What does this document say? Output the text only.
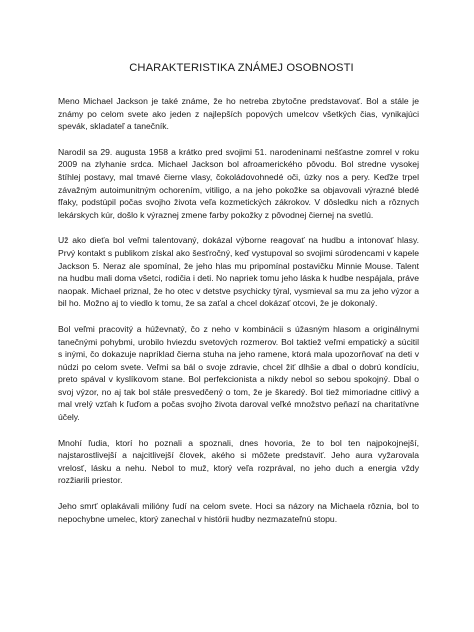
CHARAKTERISTIKA ZNÁMEJ OSOBNOSTI

Meno Michael Jackson je také známe, že ho netreba zbytočne predstavovať. Bol a stále je známy po celom svete ako jeden z najlepších popových umelcov všetkých čias, vynikajúci spevák, skladateľ a tanečník.

Narodil sa 29. augusta 1958 a krátko pred svojimi 51. narodeninami nešťastne zomrel v roku 2009 na zlyhanie srdca. Michael Jackson bol afroamerického pôvodu. Bol stredne vysokej štíhlej postavy, mal tmavé čierne vlasy, čokoládovohnedé oči, úzky nos a pery. Keďže trpel závažným autoimunitným ochorením, vitiligo, a na jeho pokožke sa objavovali výrazné bledé fľaky, podstúpil počas svojho života veľa kozmetických zákrokov. V dôsledku nich a rôznych lekárskych kúr, došlo k výraznej zmene farby pokožky z pôvodnej čiernej na svetlú.

Už ako dieťa bol veľmi talentovaný, dokázal výborne reagovať na hudbu a intonovať hlasy. Prvý kontakt s publikom získal ako šesťročný, keď vystupoval so svojimi súrodencami v kapele Jackson 5. Neraz ale spomínal, že jeho hlas mu pripomínal postavičku Minnie Mouse. Talent na hudbu mali doma všetci, rodičia i deti. No napriek tomu jeho láska k hudbe nespájala, práve naopak. Michael priznal, že ho otec v detstve psychicky týral, vysmieval sa mu za jeho výzor a bil ho. Možno aj to viedlo k tomu, že sa zaťal a chcel dokázať otcovi, že je dokonalý.

Bol veľmi pracovitý a húževnatý, čo z neho v kombinácii s úžasným hlasom a originálnymi tanečnými pohybmi, urobilo hviezdu svetových rozmerov. Bol taktiež veľmi empatický a súcitil s inými, čo dokazuje napríklad čierna stuha na jeho ramene, ktorá mala upozorňovať na deti v núdzi po celom svete. Veľmi sa bál o svoje zdravie, chcel žiť dlhšie a dbal o dobrú kondíciu, preto spával v kyslíkovom stane. Bol perfekcionista a nikdy nebol so sebou spokojný. Dbal o svoj výzor, no aj tak bol stále presvedčený o tom, že je škaredý. Bol tiež mimoriadne citlivý a mal vrelý vzťah k ľuďom a počas svojho života daroval veľké množstvo peňazí na charitatívne účely.

Mnohí ľudia, ktorí ho poznali a spoznali, dnes hovoria, že to bol ten najpokojnejší, najstarostlivejší a najcitlivejší človek, akého si môžete predstaviť. Jeho aura vyžarovala vrelosť, lásku a nehu. Nebol to muž, ktorý veľa rozprával, no jeho duch a energia vždy rozžiarili priestor.

Jeho smrť oplakávali milióny ľudí na celom svete. Hoci sa názory na Michaela rôznia, bol to nepochybne umelec, ktorý zanechal v histórii hudby nezmazateľnú stopu.
